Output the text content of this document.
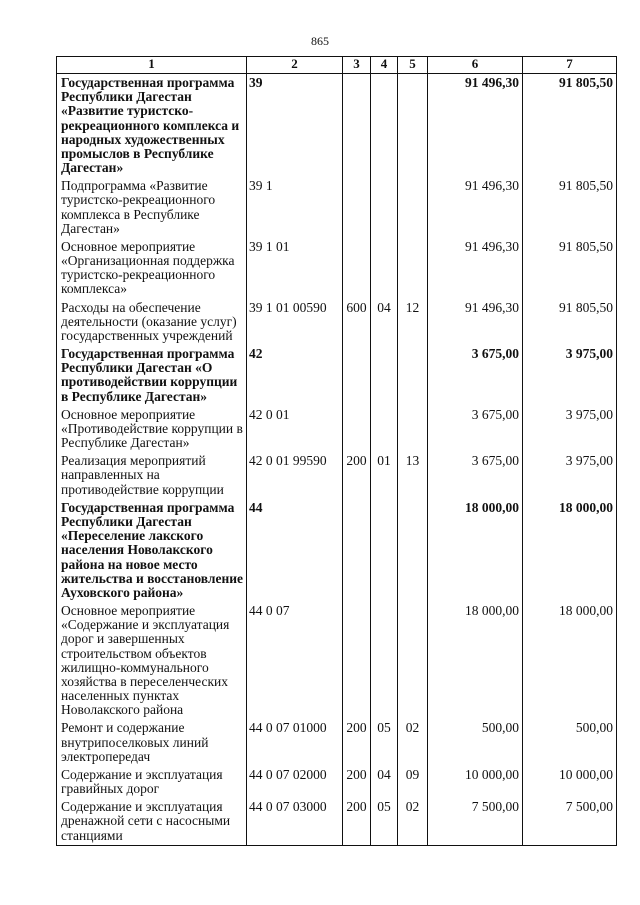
865
1	2	3	4	5	6	7
Государственная программа Республики Дагестан «Развитие туристско-рекреационного комплекса и народных художественных промыслов в Республике Дагестан»	39				91 496,30	91 805,50
Подпрограмма «Развитие туристско-рекреационного комплекса в Республике Дагестан»	39 1				91 496,30	91 805,50
Основное мероприятие «Организационная поддержка туристско-рекреационного комплекса»	39 1 01				91 496,30	91 805,50
Расходы на обеспечение деятельности (оказание услуг) государственных учреждений	39 1 01 00590	600	04	12	91 496,30	91 805,50
Государственная программа Республики Дагестан «О противодействии коррупции в Республике Дагестан»	42				3 675,00	3 975,00
Основное мероприятие «Противодействие коррупции в Республике Дагестан»	42 0 01				3 675,00	3 975,00
Реализация мероприятий направленных на противодействие коррупции	42 0 01 99590	200	01	13	3 675,00	3 975,00
Государственная программа Республики Дагестан «Переселение лакского населения Новолакского района на новое место жительства и восстановление Ауховского района»	44				18 000,00	18 000,00
Основное мероприятие «Содержание и эксплуатация дорог и завершенных строительством объектов жилищно-коммунального хозяйства в переселенческих населенных пунктах Новолакского района	44 0 07				18 000,00	18 000,00
Ремонт и содержание внутрипоселковых линий электропередач	44 0 07 01000	200	05	02	500,00	500,00
Содержание и эксплуатация гравийных дорог	44 0 07 02000	200	04	09	10 000,00	10 000,00
Содержание и эксплуатация дренажной сети с насосными станциями	44 0 07 03000	200	05	02	7 500,00	7 500,00
